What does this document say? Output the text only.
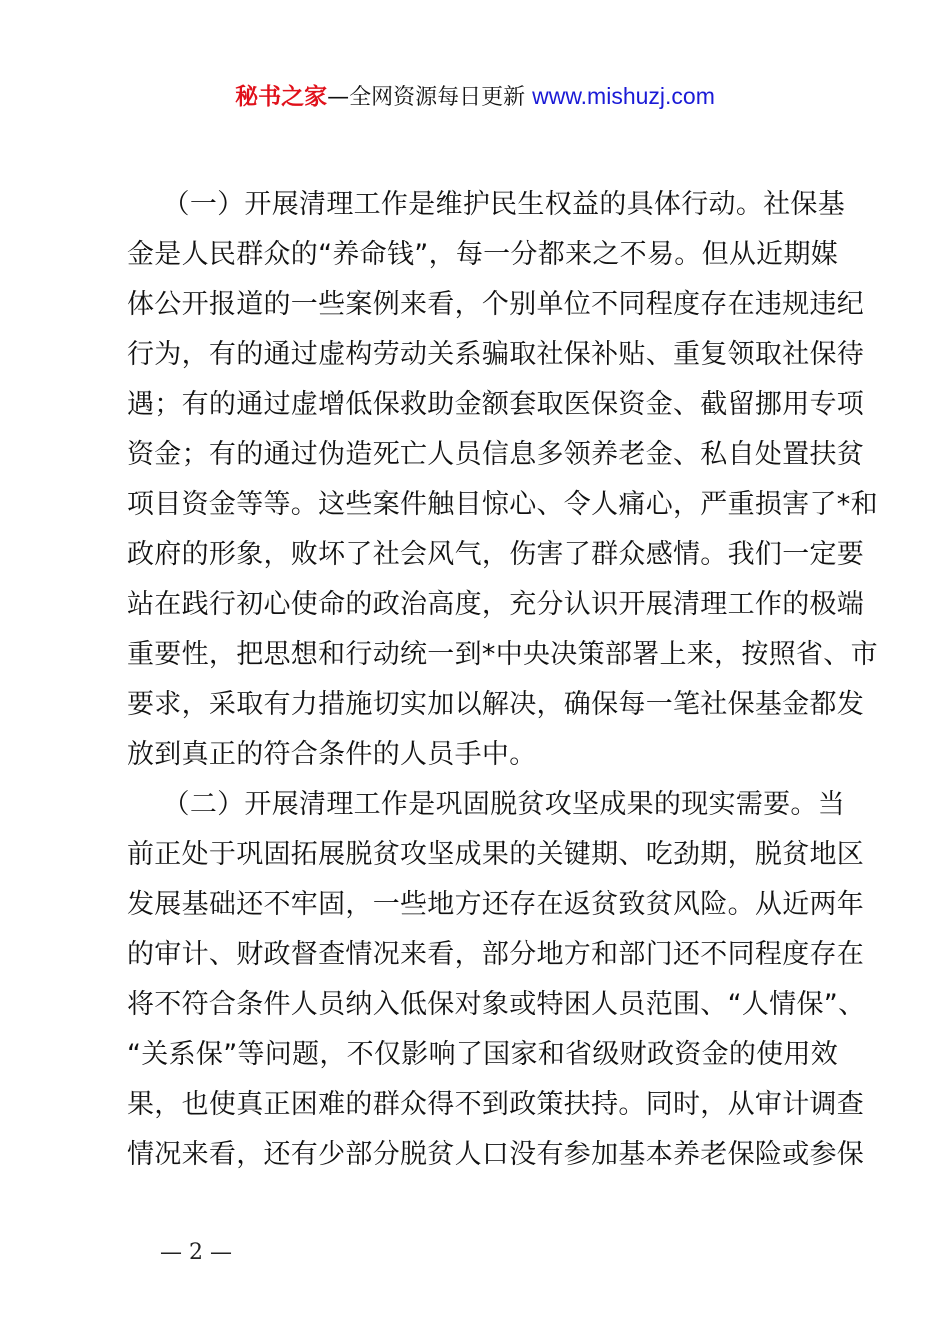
秘书之家—全网资源每日更新 www.mishuzj.com
（一）开展清理工作是维护民生权益的具体行动。社保基
金是人民群众的“养命钱”，每一分都来之不易。但从近期媒
体公开报道的一些案例来看，个别单位不同程度存在违规违纪
行为，有的通过虚构劳动关系骗取社保补贴、重复领取社保待
遇；有的通过虚增低保救助金额套取医保资金、截留挪用专项
资金；有的通过伪造死亡人员信息多领养老金、私自处置扶贫
项目资金等等。这些案件触目惊心、令人痛心，严重损害了*和
政府的形象，败坏了社会风气，伤害了群众感情。我们一定要
站在践行初心使命的政治高度，充分认识开展清理工作的极端
重要性，把思想和行动统一到*中央决策部署上来，按照省、市
要求，采取有力措施切实加以解决，确保每一笔社保基金都发
放到真正的符合条件的人员手中。
（二）开展清理工作是巩固脱贫攻坚成果的现实需要。当
前正处于巩固拓展脱贫攻坚成果的关键期、吃劲期，脱贫地区
发展基础还不牢固，一些地方还存在返贫致贫风险。从近两年
的审计、财政督查情况来看，部分地方和部门还不同程度存在
将不符合条件人员纳入低保对象或特困人员范围、“人情保”、
“关系保”等问题，不仅影响了国家和省级财政资金的使用效
果，也使真正困难的群众得不到政策扶持。同时，从审计调查
情况来看，还有少部分脱贫人口没有参加基本养老保险或参保
— 2 —
